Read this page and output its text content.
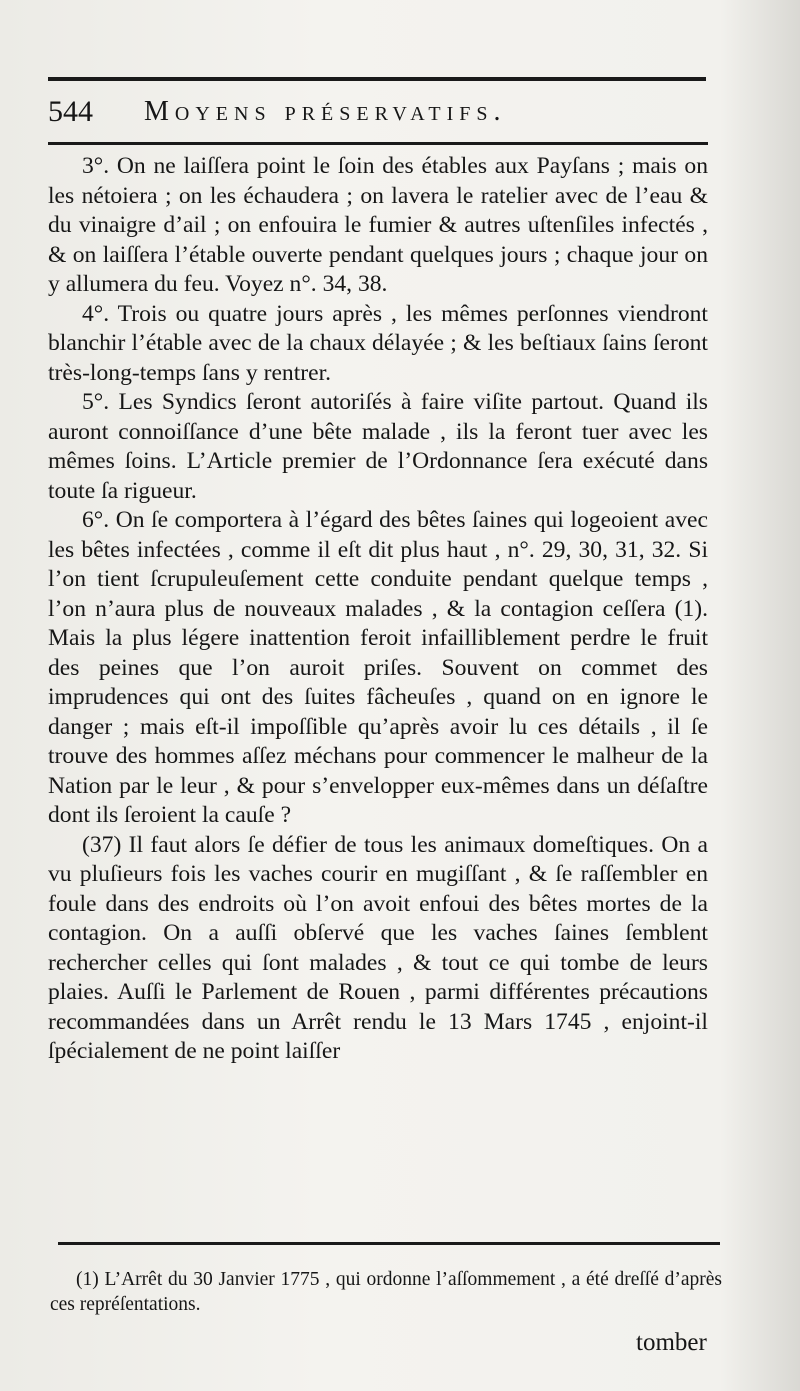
544 Moyens préservatifs.

3°. On ne laiſſera point le ſoin des étables aux Payſans ; mais on les nétoiera ; on les échaudera ; on lavera le ratelier avec de l’eau & du vinaigre d’ail ; on enfouira le fumier & autres uſtenſiles infectés , & on laiſſera l’étable ouverte pendant quelques jours ; chaque jour on y allumera du feu. Voyez n°. 34, 38.

4°. Trois ou quatre jours après , les mêmes perſonnes viendront blanchir l’étable avec de la chaux délayée ; & les beſtiaux ſains ſeront très-long-temps ſans y rentrer.

5°. Les Syndics ſeront autoriſés à faire viſite partout. Quand ils auront connoiſſance d’une bête malade , ils la feront tuer avec les mêmes ſoins. L’Article premier de l’Ordonnance ſera exécuté dans toute ſa rigueur.

6°. On ſe comportera à l’égard des bêtes ſaines qui logeoient avec les bêtes infectées , comme il eſt dit plus haut , n°. 29, 30, 31, 32. Si l’on tient ſcrupuleuſement cette conduite pendant quelque temps , l’on n’aura plus de nouveaux malades , & la contagion ceſſera (1). Mais la plus légere inattention feroit infailliblement perdre le fruit des peines que l’on auroit priſes. Souvent on commet des imprudences qui ont des ſuites fâcheuſes , quand on en ignore le danger ; mais eſt-il impoſſible qu’après avoir lu ces détails , il ſe trouve des hommes aſſez méchans pour commencer le malheur de la Nation par le leur , & pour s’envelopper eux-mêmes dans un déſaſtre dont ils ſeroient la cauſe ?

(37) Il faut alors ſe défier de tous les animaux domeſtiques. On a vu pluſieurs fois les vaches courir en mugiſſant , & ſe raſſembler en foule dans des endroits où l’on avoit enfoui des bêtes mortes de la contagion. On a auſſi obſervé que les vaches ſaines ſemblent rechercher celles qui ſont malades , & tout ce qui tombe de leurs plaies. Auſſi le Parlement de Rouen , parmi différentes précautions recommandées dans un Arrêt rendu le 13 Mars 1745 , enjoint-il ſpécialement de ne point laiſſer

(1) L’Arrêt du 30 Janvier 1775 , qui ordonne l’aſſommement , a été dreſſé d’après ces repréſentations.

tomber
